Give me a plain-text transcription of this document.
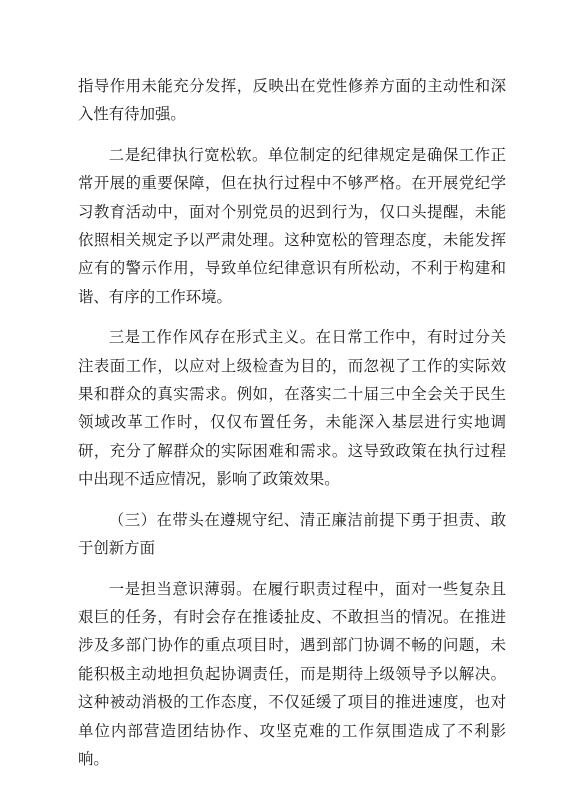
指导作用未能充分发挥，反映出在党性修养方面的主动性和深入性有待加强。

二是纪律执行宽松软。单位制定的纪律规定是确保工作正常开展的重要保障，但在执行过程中不够严格。在开展党纪学习教育活动中，面对个别党员的迟到行为，仅口头提醒，未能依照相关规定予以严肃处理。这种宽松的管理态度，未能发挥应有的警示作用，导致单位纪律意识有所松动，不利于构建和谐、有序的工作环境。

三是工作作风存在形式主义。在日常工作中，有时过分关注表面工作，以应对上级检查为目的，而忽视了工作的实际效果和群众的真实需求。例如，在落实二十届三中全会关于民生领域改革工作时，仅仅布置任务，未能深入基层进行实地调研，充分了解群众的实际困难和需求。这导致政策在执行过程中出现不适应情况，影响了政策效果。

（三）在带头在遵规守纪、清正廉洁前提下勇于担责、敢于创新方面

一是担当意识薄弱。在履行职责过程中，面对一些复杂且艰巨的任务，有时会存在推诿扯皮、不敢担当的情况。在推进涉及多部门协作的重点项目时，遇到部门协调不畅的问题，未能积极主动地担负起协调责任，而是期待上级领导予以解决。这种被动消极的工作态度，不仅延缓了项目的推进速度，也对单位内部营造团结协作、攻坚克难的工作氛围造成了不利影响。
